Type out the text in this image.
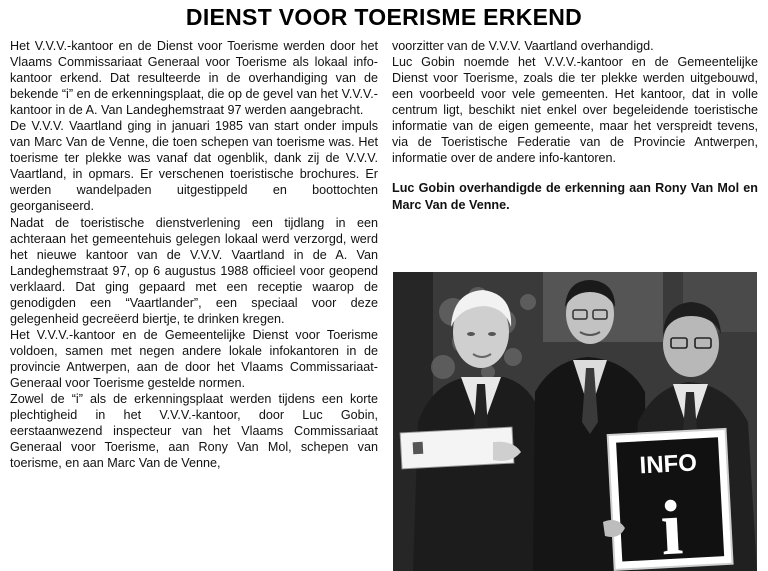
DIENST VOOR TOERISME ERKEND

Het V.V.V.-kantoor en de Dienst voor Toerisme werden door het Vlaams Commissariaat Generaal voor Toerisme als lokaal info-kantoor erkend. Dat resulteerde in de overhandiging van de bekende “i” en de erkenningsplaat, die op de gevel van het V.V.V.-kantoor in de A. Van Landeghemstraat 97 werden aangebracht.

De V.V.V. Vaartland ging in januari 1985 van start onder impuls van Marc Van de Venne, die toen schepen van toerisme was. Het toerisme ter plekke was vanaf dat ogenblik, dank zij de V.V.V. Vaartland, in opmars. Er verschenen toeristische brochures. Er werden wandelpaden uitgestippeld en boottochten georganiseerd.

Nadat de toeristische dienstverlening een tijdlang in een achteraan het gemeentehuis gelegen lokaal werd verzorgd, werd het nieuwe kantoor van de V.V.V. Vaartland in de A. Van Landeghemstraat 97, op 6 augustus 1988 officieel voor geopend verklaard. Dat ging gepaard met een receptie waarop de genodigden een “Vaartlander”, een speciaal voor deze gelegenheid gecreëerd biertje, te drinken kregen.

Het V.V.V.-kantoor en de Gemeentelijke Dienst voor Toerisme voldoen, samen met negen andere lokale infokantoren in de provincie Antwerpen, aan de door het Vlaams Commissariaat-Generaal voor Toerisme gestelde normen.

Zowel de “i” als de erkenningsplaat werden tijdens een korte plechtigheid in het V.V.V.-kantoor, door Luc Gobin, eerstaanwezend inspecteur van het Vlaams Commissariaat Generaal voor Toerisme, aan Rony Van Mol, schepen van toerisme, en aan Marc Van de Venne,

voorzitter van de V.V.V. Vaartland overhandigd.

Luc Gobin noemde het V.V.V.-kantoor en de Gemeentelijke Dienst voor Toerisme, zoals die ter plekke werden uitgebouwd, een voorbeeld voor vele gemeenten. Het kantoor, dat in volle centrum ligt, beschikt niet enkel over begeleidende toeristische informatie van de eigen gemeente, maar het verspreidt tevens, via de Toeristische Federatie van de Provincie Antwerpen, informatie over de andere info-kantoren.

Luc Gobin overhandigde de erkenning aan Rony Van Mol en Marc Van de Venne.

INFO
i
